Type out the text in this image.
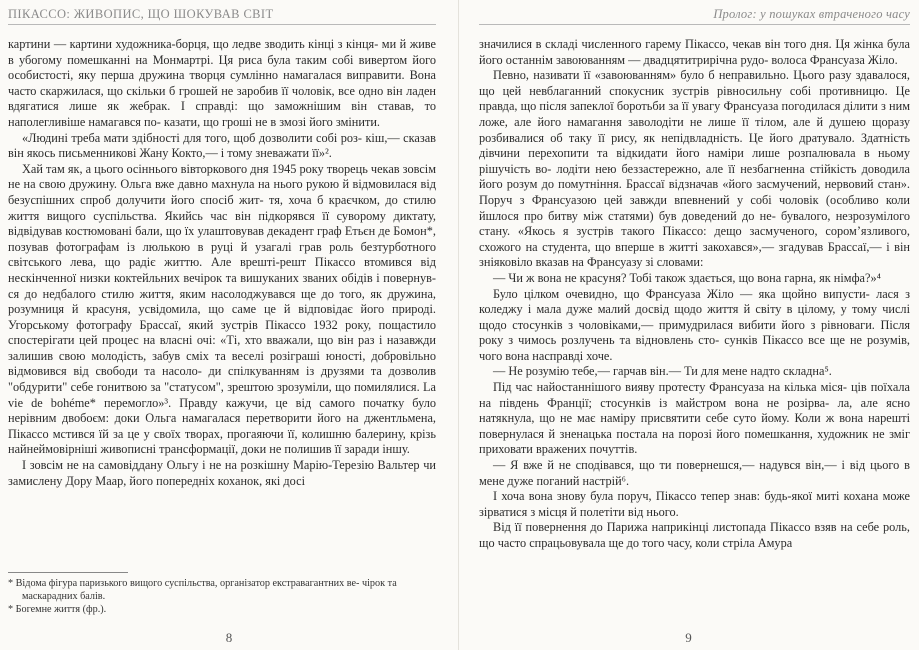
ПІКАССО: ЖИВОПИС, ЩО ШОКУВАВ СВІТ

картини — картини художника-борця, що ледве зводить кінці з кінця- ми й живе в убогому помешканні на Монмартрі. Ця риса була таким собі вивертом його особистості, яку перша дружина творця сумлінно намагалася виправити. Вона часто скаржилася, що скільки б грошей не заробив її чоловік, все одно він ладен вдягатися лише як жебрак. І справді: що заможнішим він ставав, то наполегливіше намагався по- казати, що гроші не в змозі його змінити.

«Людині треба мати здібності для того, щоб дозволити собі роз- кіш,— сказав він якось письменникові Жану Кокто,— і тому зневажати її»².

Хай там як, а цього осіннього вівторкового дня 1945 року творець чекав зовсім не на свою дружину. Ольга вже давно махнула на нього рукою й відмовилася від безуспішних спроб долучити його спосіб жит- тя, хоча б краєчком, до стилю життя вищого суспільства. Якийсь час він підкорявся її суворому диктату, відвідував костюмовані бали, що їх улаштовував декадент граф Етьєн де Бомон*, позував фотографам із люлькою в руці й узагалі грав роль безтурботного світського лева, що радіє життю. Але врешті-решт Пікассо втомився від нескінченної низки коктейльних вечірок та вишуканих званих обідів і повернув- ся до недбалого стилю життя, яким насолоджувався ще до того, як дружина, розумниця й красуня, усвідомила, що саме це й відповідає його природі. Угорському фотографу Брассаї, який зустрів Пікассо 1932 року, пощастило спостерігати цей процес на власні очі: «Ті, хто вважали, що він раз і назавжди залишив свою молодість, забув сміх та веселі розіграші юності, добровільно відмовився від свободи та насоло- ди спілкуванням із друзями та дозволив "обдурити" себе гонитвою за "статусом", зрештою зрозуміли, що помилялися. La vie de bohéme* перемогло»³. Правду кажучи, це від самого початку було нерівним двобоєм: доки Ольга намагалася перетворити його на джентльмена, Пікассо мстився їй за це у своїх творах, прогаяючи її, колишню балерину, крізь найнеймовірніші живописні трансформації, доки не полишив її заради іншу.

І зовсім не на самовіддану Ольгу і не на розкішну Марію-Терезію Вальтер чи замислену Дору Маар, його попередніх коханок, які досі

* Відома фігура паризького вищого суспільства, організатор екстравагантних ве- чірок та маскарадних балів.

* Богемне життя (фр.).

8
Пролог: у пошуках втраченого часу

значилися в складі численного гарему Пікассо, чекав він того дня. Ця жінка була його останнім завоюванням — двадцятитрирічна рудо- волоса Франсуаза Жіло.

Певно, називати її «завоюванням» було б неправильно. Цього разу здавалося, що цей невблаганний спокусник зустрів рівносильну собі противницю. Це правда, що після запеклої боротьби за її увагу Франсуаза погодилася ділити з ним ложе, але його намагання заволодіти не лише її тілом, але й душею щоразу розбивалися об таку її рису, як непідвладність. Це його дратувало. Здатність дівчини перехопити та відкидати його наміри лише розпалювала в ньому рішучість во- лодіти нею беззастережно, але її незбагненна стійкість доводила його розум до помутніння. Брассаї відзначав «його засмучений, нервовий стан». Поруч з Франсуазою цей завжди впевнений у собі чоловік (особливо коли йшлося про битву між статями) був доведений до не- бувалого, незрозумілого стану. «Якось я зустрів такого Пікассо: дещо засмученого, сором’язливого, схожого на студента, що вперше в житті закохався»,— згадував Брассаї,— і він зніяковіло вказав на Франсуазу зі словами:

— Чи ж вона не красуня? Тобі також здається, що вона гарна, як німфа?»⁴

Було цілком очевидно, що Франсуаза Жіло — яка щойно випусти- лася з коледжу і мала дуже малий досвід щодо життя й світу в цілому, у тому числі щодо стосунків з чоловіками,— примудрилася вибити його з рівноваги. Після року з чимось розлучень та відновлень сто- сунків Пікассо все ще не розумів, чого вона насправді хоче.

— Не розумію тебе,— гарчав він.— Ти для мене надто складна⁵.

Під час найостаннішого вияву протесту Франсуаза на кілька міся- ців поїхала на південь Франції; стосунків із майстром вона не розірва- ла, але ясно натякнула, що не має наміру присвятити себе сутo йому. Коли ж вона нарешті повернулася й зненацька постала на порозі його помешкання, художник не зміг приховати вражених почуттів.

— Я вже й не сподівався, що ти повернешся,— надувся він,— і від цього в мене дуже поганий настрій⁶.

І хоча вона знову була поруч, Пікассо тепер знав: будь-якої миті кохана може зірватися з місця й полетіти від нього.

Від її повернення до Парижа наприкінці листопада Пікассо взяв на себе роль, що часто спрацьовувала ще до того часу, коли стріла Амура

9
